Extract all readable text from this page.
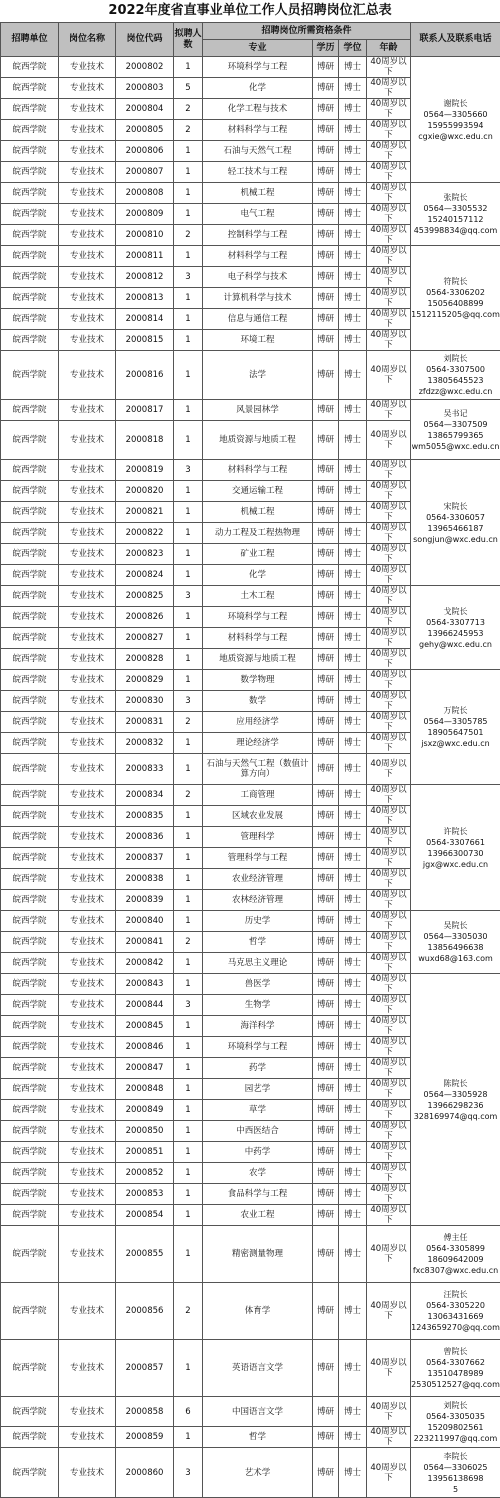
2022年度省直事业单位工作人员招聘岗位汇总表
招聘单位	岗位名称	岗位代码	拟聘人数	招聘岗位所需资格条件				联系人及联系电话
				专业	学历	学位	年龄	
皖西学院	专业技术	2000802	1	环境科学与工程	博研	博士	40周岁以下	谢院长
0564—3305660
15955993594
cgxie@wxc.edu.cn

皖西学院	专业技术	2000803	5	化学	博研	博士	40周岁以下	
皖西学院	专业技术	2000804	2	化学工程与技术	博研	博士	40周岁以下	
皖西学院	专业技术	2000805	2	材料科学与工程	博研	博士	40周岁以下	
皖西学院	专业技术	2000806	1	石油与天然气工程	博研	博士	40周岁以下	
皖西学院	专业技术	2000807	1	轻工技术与工程	博研	博士	40周岁以下	
皖西学院	专业技术	2000808	1	机械工程	博研	博士	40周岁以下	张院长
0564—3305532
15240157112
453998834@qq.com

皖西学院	专业技术	2000809	1	电气工程	博研	博士	40周岁以下	
皖西学院	专业技术	2000810	2	控制科学与工程	博研	博士	40周岁以下	
皖西学院	专业技术	2000811	1	材料科学与工程	博研	博士	40周岁以下	符院长
0564-3306202
15056408899
1512115205@qq.com

皖西学院	专业技术	2000812	3	电子科学与技术	博研	博士	40周岁以下	
皖西学院	专业技术	2000813	1	计算机科学与技术	博研	博士	40周岁以下	
皖西学院	专业技术	2000814	1	信息与通信工程	博研	博士	40周岁以下	
皖西学院	专业技术	2000815	1	环境工程	博研	博士	40周岁以下	
皖西学院	专业技术	2000816	1	法学	博研	博士	40周岁以下	刘院长
0564-3307500
13805645523
zfdzz@wxc.edu.cn

皖西学院	专业技术	2000817	1	风景园林学	博研	博士	40周岁以下	吴书记
0564—3307509
13865799365
wm5055@wxc.edu.cn

皖西学院	专业技术	2000818	1	地质资源与地质工程	博研	博士	40周岁以下	
皖西学院	专业技术	2000819	3	材料科学与工程	博研	博士	40周岁以下	宋院长
0564-3306057
13965466187
songjun@wxc.edu.cn

皖西学院	专业技术	2000820	1	交通运输工程	博研	博士	40周岁以下	
皖西学院	专业技术	2000821	1	机械工程	博研	博士	40周岁以下	
皖西学院	专业技术	2000822	1	动力工程及工程热物理	博研	博士	40周岁以下	
皖西学院	专业技术	2000823	1	矿业工程	博研	博士	40周岁以下	
皖西学院	专业技术	2000824	1	化学	博研	博士	40周岁以下	
皖西学院	专业技术	2000825	3	土木工程	博研	博士	40周岁以下	戈院长
0564-3307713
13966245953
gehy@wxc.edu.cn

皖西学院	专业技术	2000826	1	环境科学与工程	博研	博士	40周岁以下	
皖西学院	专业技术	2000827	1	材料科学与工程	博研	博士	40周岁以下	
皖西学院	专业技术	2000828	1	地质资源与地质工程	博研	博士	40周岁以下	
皖西学院	专业技术	2000829	1	数学物理	博研	博士	40周岁以下	万院长
0564—3305785
18905647501
jsxz@wxc.edu.cn

皖西学院	专业技术	2000830	3	数学	博研	博士	40周岁以下	
皖西学院	专业技术	2000831	2	应用经济学	博研	博士	40周岁以下	
皖西学院	专业技术	2000832	1	理论经济学	博研	博士	40周岁以下	
皖西学院	专业技术	2000833	1	石油与天然气工程（数值计算方向）	博研	博士	40周岁以下	
皖西学院	专业技术	2000834	2	工商管理	博研	博士	40周岁以下	许院长
0564-3307661
13966300730
jgx@wxc.edu.cn

皖西学院	专业技术	2000835	1	区域农业发展	博研	博士	40周岁以下	
皖西学院	专业技术	2000836	1	管理科学	博研	博士	40周岁以下	
皖西学院	专业技术	2000837	1	管理科学与工程	博研	博士	40周岁以下	
皖西学院	专业技术	2000838	1	农业经济管理	博研	博士	40周岁以下	
皖西学院	专业技术	2000839	1	农林经济管理	博研	博士	40周岁以下	
皖西学院	专业技术	2000840	1	历史学	博研	博士	40周岁以下	吴院长
0564—3305030
13856496638
wuxd68@163.com

皖西学院	专业技术	2000841	2	哲学	博研	博士	40周岁以下	
皖西学院	专业技术	2000842	1	马克思主义理论	博研	博士	40周岁以下	
皖西学院	专业技术	2000843	1	兽医学	博研	博士	40周岁以下	陈院长
0564—3305928
13966298236
328169974@qq.com

皖西学院	专业技术	2000844	3	生物学	博研	博士	40周岁以下	
皖西学院	专业技术	2000845	1	海洋科学	博研	博士	40周岁以下	
皖西学院	专业技术	2000846	1	环境科学与工程	博研	博士	40周岁以下	
皖西学院	专业技术	2000847	1	药学	博研	博士	40周岁以下	
皖西学院	专业技术	2000848	1	园艺学	博研	博士	40周岁以下	
皖西学院	专业技术	2000849	1	草学	博研	博士	40周岁以下	
皖西学院	专业技术	2000850	1	中西医结合	博研	博士	40周岁以下	
皖西学院	专业技术	2000851	1	中药学	博研	博士	40周岁以下	
皖西学院	专业技术	2000852	1	农学	博研	博士	40周岁以下	
皖西学院	专业技术	2000853	1	食品科学与工程	博研	博士	40周岁以下	
皖西学院	专业技术	2000854	1	农业工程	博研	博士	40周岁以下	
皖西学院	专业技术	2000855	1	精密测量物理	博研	博士	40周岁以下	傅主任
0564-3305899
18609642009
fxc8307@wxc.edu.cn

皖西学院	专业技术	2000856	2	体育学	博研	博士	40周岁以下	汪院长
0564-3305220
13063431669
1243659270@qq.com

皖西学院	专业技术	2000857	1	英语语言文学	博研	博士	40周岁以下	曾院长
0564-3307662
13510478989
2530512527@qq.com

皖西学院	专业技术	2000858	6	中国语言文学	博研	博士	40周岁以下	刘院长
0564-3305035
15209802561
223211997@qq.com

皖西学院	专业技术	2000859	1	哲学	博研	博士	40周岁以下	
皖西学院	专业技术	2000860	3	艺术学	博研	博士	40周岁以下	李院长
0564—3306025
13956138698
5
